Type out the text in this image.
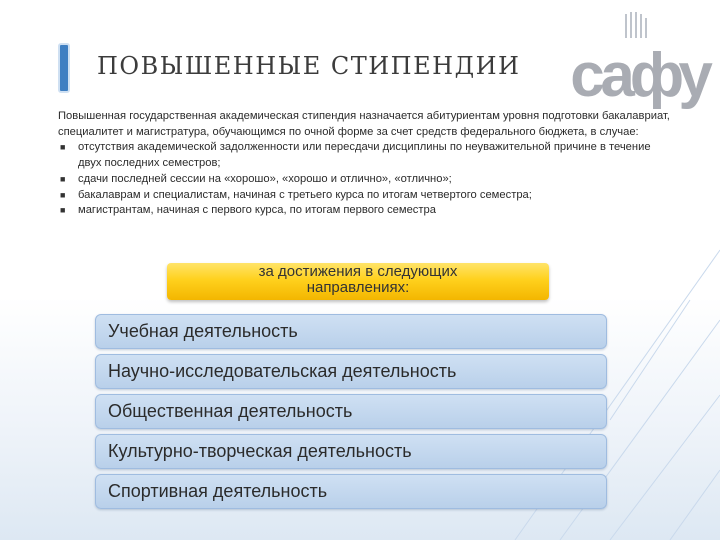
ПОВЫШЕННЫЕ СТИПЕНДИИ сафу

Повышенная государственная академическая стипендия назначается абитуриентам уровня подготовки бакалавриат, специалитет и магистратура, обучающимся по очной форме за счет средств федерального бюджета, в случае:

■ отсутствия академической задолженности или пересдачи дисциплины по неуважительной причине в течение двух последних семестров;
■ сдачи последней сессии на «хорошо», «хорошо и отлично», «отлично»;
■ бакалаврам и специалистам, начиная с третьего курса по итогам четвертого семестра;
■ магистрантам, начиная с первого курса, по итогам первого семестра
за достижения в следующих
направлениях:
Учебная деятельность
Научно-исследовательская деятельность
Общественная деятельность
Культурно-творческая деятельность
Спортивная деятельность
